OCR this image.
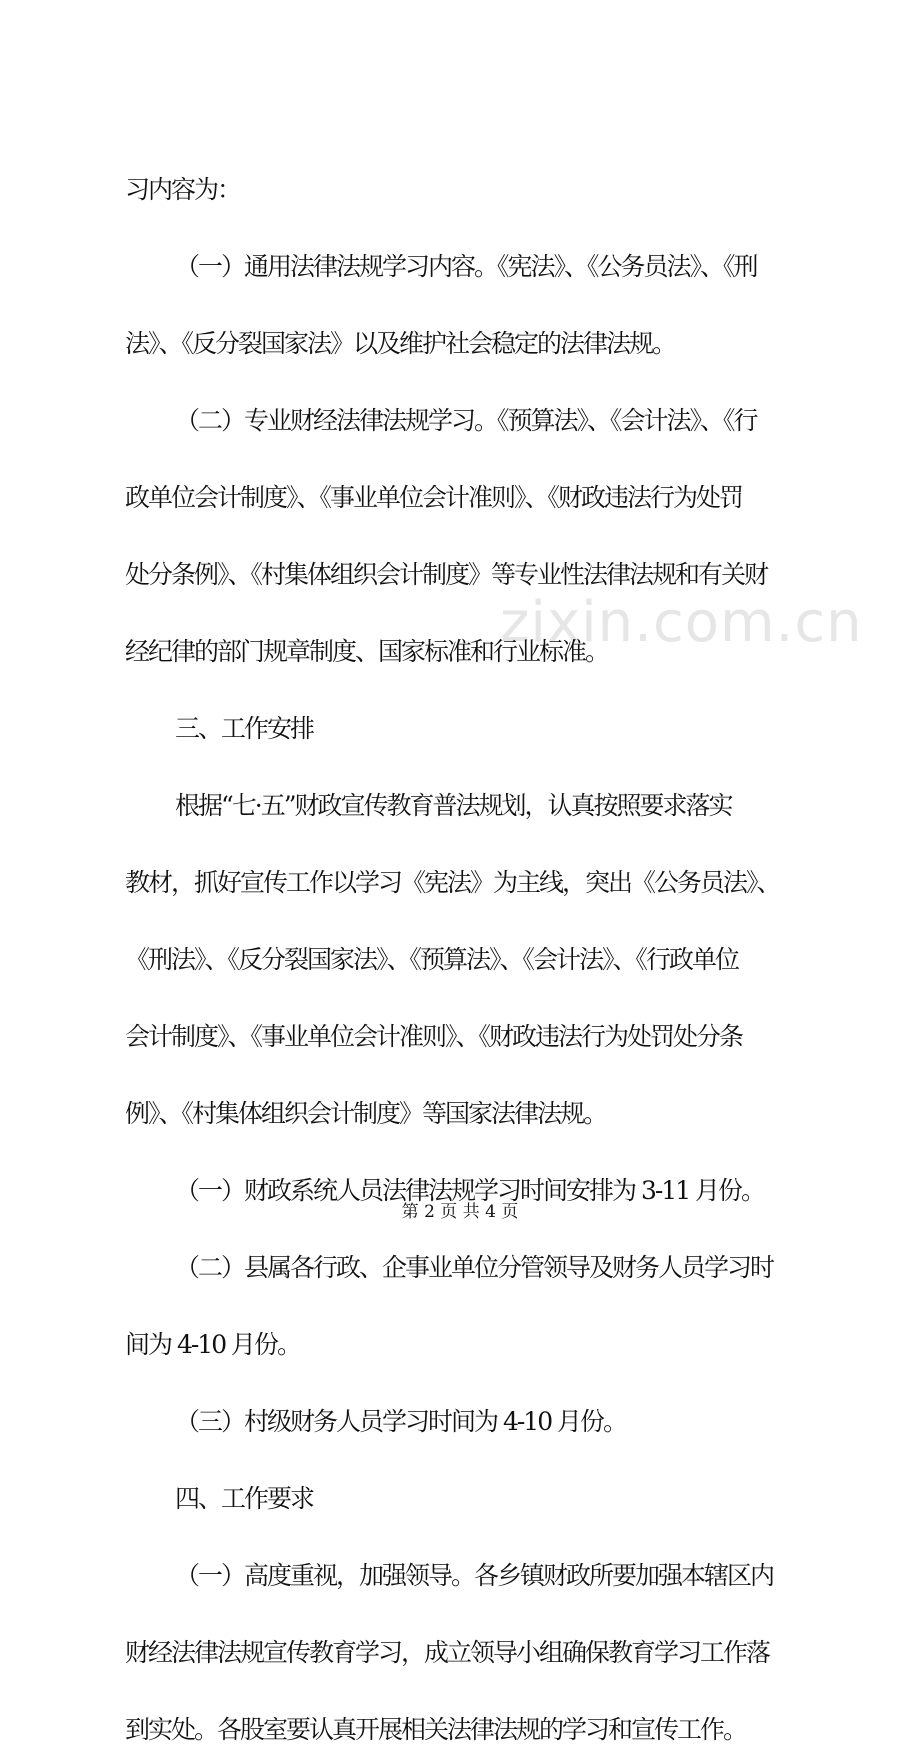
zixin.com.cn

习内容为：

（一）通用法律法规学习内容。《宪法》、《公务员法》、《刑

法》、《反分裂国家法》以及维护社会稳定的法律法规。

（二）专业财经法律法规学习。《预算法》、《会计法》、《行

政单位会计制度》、《事业单位会计准则》、《财政违法行为处罚

处分条例》、《村集体组织会计制度》等专业性法律法规和有关财

经纪律的部门规章制度、国家标准和行业标准。

三、工作安排

根据“七·五”财政宣传教育普法规划，认真按照要求落实

教材，抓好宣传工作以学习《宪法》为主线，突出《公务员法》、

《刑法》、《反分裂国家法》、《预算法》、《会计法》、《行政单位

会计制度》、《事业单位会计准则》、《财政违法行为处罚处分条

例》、《村集体组织会计制度》等国家法律法规。

（一）财政系统人员法律法规学习时间安排为 3-11 月份。

（二）县属各行政、企事业单位分管领导及财务人员学习时

间为 4-10 月份。

（三）村级财务人员学习时间为 4-10 月份。

四、工作要求

（一）高度重视，加强领导。各乡镇财政所要加强本辖区内

财经法律法规宣传教育学习，成立领导小组确保教育学习工作落

到实处。各股室要认真开展相关法律法规的学习和宣传工作。

第 2 页 共 4 页
